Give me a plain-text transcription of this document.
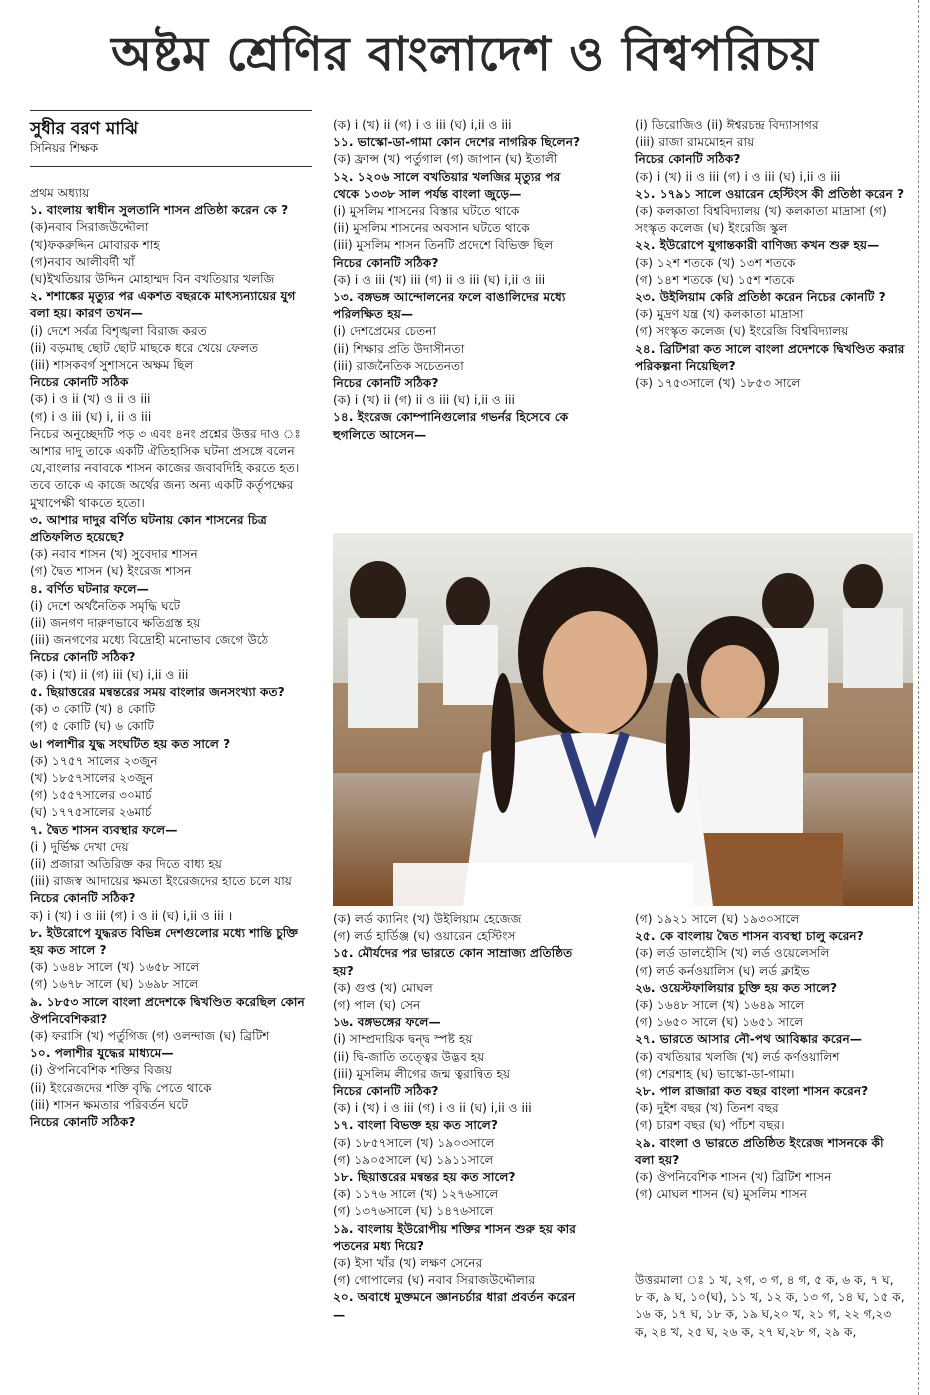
অষ্টম শ্রেণির বাংলাদেশ ও বিশ্বপরিচয়
সুধীর বরণ মাঝি
সিনিয়র শিক্ষক

প্রথম অধ্যায়

১. বাংলায় স্বাধীন সুলতানি শাসন প্রতিষ্ঠা করেন কে ?

(ক)নবাব সিরাজউদ্দৌলা

(খ)ফকরুদ্দিন মোবারক শাহ

(গ)নবাব আলীবর্দী খাঁ

(ঘ)ইখতিয়ার উদ্দিন মোহাম্মদ বিন বখতিয়ার খলজি

২. শশাঙ্কের মৃত্যুর পর একশত বছরকে মাৎস্যন্যায়ের যুগ বলা হয়। কারণ তখন—

(i) দেশে সর্বত্র বিশৃঙ্খলা বিরাজ করত

(ii) বড়মাছ ছোট ছোট মাছকে ধরে খেয়ে ফেলত

(iii) শাসকবর্গ সুশাসনে অক্ষম ছিল

নিচের কোনটি সঠিক

(ক) i ও ii (খ) ও ii ও iii

(গ) i ও iii (ঘ) i, ii ও iii

নিচের অনুচ্ছেদটি পড় ৩ এবং ৪নং প্রশ্নের উত্তর দাও ঃ আশার দাদু তাকে একটি ঐতিহাসিক ঘটনা প্রসঙ্গে বলেন যে,বাংলার নবাবকে শাসন কাজের জবাবদিহি করতে হত। তবে তাকে এ কাজে অর্থের জন্য অন্য একটি কর্তৃপক্ষের মুখাপেক্ষী থাকতে হতো।

৩. আশার দাদুর বর্ণিত ঘটনায় কোন শাসনের চিত্র প্রতিফলিত হয়েছে?

(ক) নবাব শাসন (খ) সুবেদার শাসন

(গ) দ্বৈত শাসন (ঘ) ইংরেজ শাসন

৪. বর্ণিত ঘটনার ফলে—

(i) দেশে অর্থনৈতিক সমৃদ্ধি ঘটে

(ii) জনগণ দারুণভাবে ক্ষতিগ্রস্ত হয়

(iii) জনগণের মধ্যে বিদ্রোহী মনোভাব জেগে উঠে

নিচের কোনটি সঠিক?

(ক) i (খ) ii (গ) iii (ঘ) i,ii ও iii

৫. ছিয়াত্তরের মন্বন্তরের সময় বাংলার জনসংখ্যা কত?

(ক) ৩ কোটি (খ) ৪ কোটি

(গ) ৫ কোটি (ঘ) ৬ কোটি

৬। পলাশীর যুদ্ধ সংঘটিত হয় কত সালে ?

(ক) ১৭৫৭ সালের ২৩জুন

(খ) ১৮৫৭সালের ২৩জুন

(গ) ১৫৫৭সালের ৩০মার্চ

(ঘ) ১৭৭৫সালের ২৬মার্চ

৭. দ্বৈত শাসন ব্যবস্থার ফলে—

(i ) দুর্ভিক্ষ দেখা দেয়

(ii) প্রজারা অতিরিক্ত কর দিতে বাধ্য হয়

(iii) রাজস্ব আদায়ের ক্ষমতা ইংরেজদের হাতে চলে যায়

নিচের কোনটি সঠিক?

ক) i (খ) i ও iii (গ) i ও ii (ঘ) i,ii ও iii ।

৮. ইউরোপে যুদ্ধরত বিভিন্ন দেশগুলোর মধ্যে শান্তি চুক্তি হয় কত সালে ?

(ক) ১৬৪৮ সালে (খ) ১৬৫৮ সালে

(গ) ১৬৭৮ সালে (ঘ) ১৬৯৮ সালে

৯. ১৮৫৩ সালে বাংলা প্রদেশকে দ্বিখণ্ডিত করেছিল কোন ঔপনিবেশিকরা?

(ক) ফরাসি (খ) পর্তুগিজ (গ) ওলন্দাজ (ঘ) ব্রিটিশ

১০. পলাশীর যুদ্ধের মাধ্যমে—

(i) ঔপনিবেশিক শক্তির বিজয়

(ii) ইংরেজদের শক্তি বৃদ্ধি পেতে থাকে

(iii) শাসন ক্ষমতার পরিবর্তন ঘটে

নিচের কোনটি সঠিক?

(ক) i (খ) ii (গ) i ও iii (ঘ) i,ii ও iii

১১. ভাস্কো-ডা-গামা কোন দেশের নাগরিক ছিলেন?

(ক) ফ্রান্স (খ) পর্তুগাল (গ) জাপান (ঘ) ইতালী

১২. ১২০৬ সালে বখতিয়ার খলজির মৃত্যুর পর থেকে ১৩৩৮ সাল পর্যন্ত বাংলা জুড়ে—

(i) মুসলিম শাসনের বিস্তার ঘটতে থাকে

(ii) মুসলিম শাসনের অবসান ঘটতে থাকে

(iii) মুসলিম শাসন তিনটি প্রদেশে বিভিক্ত ছিল

নিচের কোনটি সঠিক?

(ক) i ও iii (খ) iii (গ) ii ও iii (ঘ) i,ii ও iii

১৩. বঙ্গভঙ্গ আন্দোলনের ফলে বাঙালিদের মধ্যে পরিলক্ষিত হয়—

(i) দেশপ্রেমের চেতনা

(ii) শিক্ষার প্রতি উদাসীনতা

(iii) রাজনৈতিক সচেতনতা

নিচের কোনটি সঠিক?

(ক) i (খ) ii (গ) ii ও iii (ঘ) i,ii ও iii

১৪. ইংরেজ কোম্পানিগুলোর গভর্নর হিসেবে কে হুগলিতে আসেন—

(i) ডিরোজিও (ii) ঈশ্বরচন্দ্র বিদ্যাসাগর

(iii) রাজা রামমোহন রায়

নিচের কোনটি সঠিক?

(ক) i (খ) ii ও iii (গ) i ও iii (ঘ) i,ii ও iii

২১. ১৭৯১ সালে ওয়ারেন হেস্টিংস কী প্রতিষ্ঠা করেন ?

(ক) কলকাতা বিশ্ববিদ্যালয় (খ) কলকাতা মাদ্রাসা (গ) সংস্কৃত কলেজ (ঘ) ইংরেজি স্কুল

২২. ইউরোপে যুগান্তকারী বাণিজ্য কখন শুরু হয়—

(ক) ১২শ শতকে (খ) ১৩শ শতকে

(গ) ১৪শ শতকে (ঘ) ১৫শ শতকে

২৩. উইলিয়াম কেরি প্রতিষ্ঠা করেন নিচের কোনটি ?

(ক) মুদ্রণ যন্ত্র (খ) কলকাতা মাদ্রাসা

(গ) সংস্কৃত কলেজ (ঘ) ইংরেজি বিশ্ববিদ্যালয়

২৪. ব্রিটিশরা কত সালে বাংলা প্রদেশকে দ্বিখণ্ডিত করার পরিকল্পনা নিয়েছিল?

(ক) ১৭৫৩সালে (খ) ১৮৫৩ সালে

(ক) লর্ড ক্যানিং (খ) উইলিয়াম হেজেজ

(গ) লর্ড হার্ডিঞ্জ (ঘ) ওয়ারেন হেস্টিংস

১৫. মৌর্যদের পর ভারতে কোন সাম্রাজ্য প্রতিষ্ঠিত হয়?

(ক) গুপ্ত (খ) মোঘল

(গ) পাল (ঘ) সেন

১৬. বঙ্গভঙ্গের ফলে—

(i) সাম্প্রদায়িক দ্বন্দ্ব স্পষ্ট হয়

(ii) দ্বি-জাতি তত্ত্বের উদ্ভব হয়

(iii) মুসলিম লীগের জন্ম ত্বরান্বিত হয়

নিচের কোনটি সঠিক?

(ক) i (খ) i ও iii (গ) i ও ii (ঘ) i,ii ও iii

১৭. বাংলা বিভক্ত হয় কত সালে?

(ক) ১৮৫৭সালে (খ) ১৯০৩সালে

(গ) ১৯০৫সালে (ঘ) ১৯১১সালে

১৮. ছিয়াত্তরের মন্বন্তর হয় কত সালে?

(ক) ১১৭৬ সালে (খ) ১২৭৬সালে

(গ) ১৩৭৬সালে (ঘ) ১৪৭৬সালে

১৯. বাংলায় ইউরোপীয় শক্তির শাসন শুরু হয় কার পতনের মধ্য দিয়ে?

(ক) ইসা খাঁর (খ) লক্ষণ সেনের

(গ) গোপালের (ঘ) নবাব সিরাজউদ্দৌলার

২০. অবাধে মুক্তমনে জ্ঞানচর্চার ধারা প্রবর্তন করেন—

(গ) ১৯২১ সালে (ঘ) ১৯৩০সালে

২৫. কে বাংলায় দ্বৈত শাসন ব্যবস্থা চালু করেন?

(ক) লর্ড ডালহৌসি (খ) লর্ড ওয়েলেসলি

(গ) লর্ড কর্নওয়ালিস (ঘ) লর্ড ক্লাইভ

২৬. ওয়েস্টফালিয়ার চুক্তি হয় কত সালে?

(ক) ১৬৪৮ সালে (খ) ১৬৪৯ সালে

(গ) ১৬৫০ সালে (ঘ) ১৬৫১ সালে

২৭. ভারতে আসার নৌ-পথ আবিষ্কার করেন—

(ক) বখতিয়ার খলজি (খ) লর্ড কর্ণওয়ালিশ

(গ) শেরশাহ (ঘ) ভাস্কো-ডা-গামা।

২৮. পাল রাজারা কত বছর বাংলা শাসন করেন?

(ক) দুইশ বছর (খ) তিনশ বছর

(গ) চারশ বছর (ঘ) পাঁচশ বছর।

২৯. বাংলা ও ভারতে প্রতিষ্ঠিত ইংরেজ শাসনকে কী বলা হয়?

(ক) ঔপনিবেশিক শাসন (খ) ব্রিটিশ শাসন

(গ) মোঘল শাসন (ঘ) মুসলিম শাসন

উত্তরমালা ঃ ১ খ, ২গ, ৩ গ, ৪ গ, ৫ ক, ৬ ক, ৭ ঘ, ৮ ক, ৯ ঘ, ১০(ঘ), ১১ খ, ১২ ক, ১৩ গ, ১৪ ঘ, ১৫ ক, ১৬ ক, ১৭ ঘ, ১৮ ক, ১৯ ঘ,২০ খ, ২১ গ, ২২ গ,২৩ ক, ২৪ খ, ২৫ ঘ, ২৬ ক, ২৭ ঘ,২৮ গ, ২৯ ক,
